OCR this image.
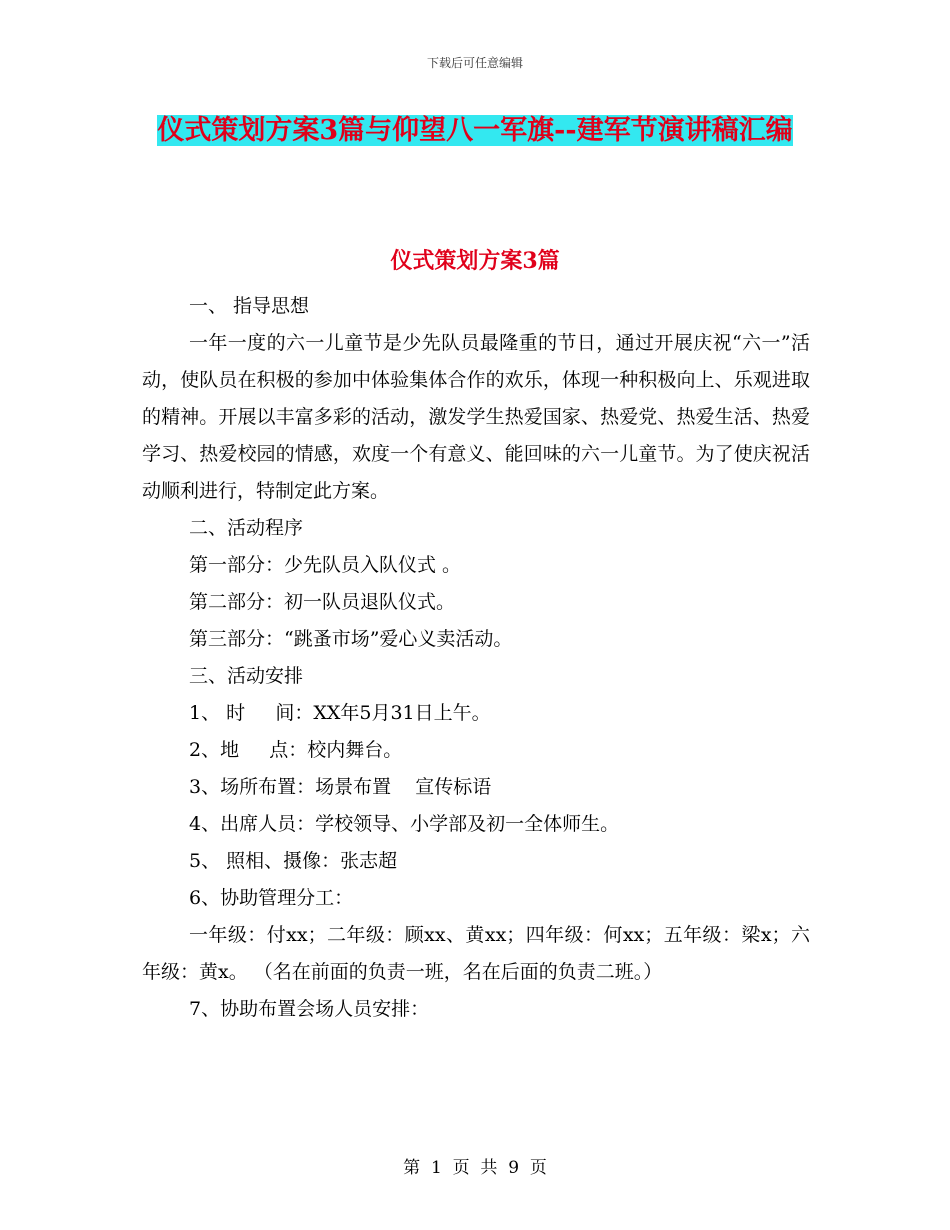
下载后可任意编辑
仪式策划方案3篇与仰望八一军旗--建军节演讲稿汇编
仪式策划方案3篇

一、 指导思想

一年一度的六一儿童节是少先队员最隆重的节日，通过开展庆祝“六一”活动，使队员在积极的参加中体验集体合作的欢乐，体现一种积极向上、乐观进取的精神。开展以丰富多彩的活动，激发学生热爱国家、热爱党、热爱生活、热爱学习、热爱校园的情感，欢度一个有意义、能回味的六一儿童节。为了使庆祝活动顺利进行，特制定此方案。

二、活动程序

第一部分：少先队员入队仪式 。

第二部分：初一队员退队仪式。

第三部分：“跳蚤市场”爱心义卖活动。

三、活动安排

1、 时     间：XX年5月31日上午。

2、地     点：校内舞台。

3、场所布置：场景布置    宣传标语

4、出席人员：学校领导、小学部及初一全体师生。

5、 照相、摄像：张志超

6、协助管理分工：

一年级：付xx；二年级：顾xx、黄xx；四年级：何xx；五年级：梁x；六年级：黄x。 （名在前面的负责一班，名在后面的负责二班。）

7、协助布置会场人员安排：

第  1  页  共  9  页
